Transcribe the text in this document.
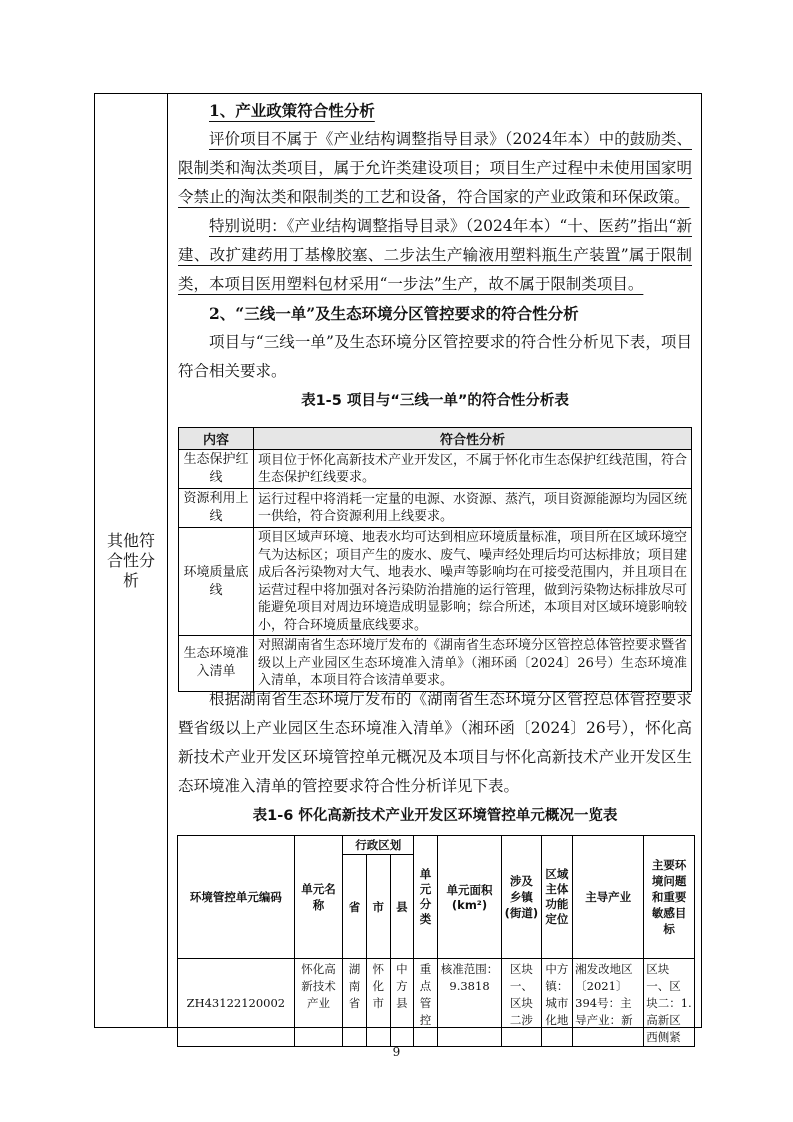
其他符合性分析

1、产业政策符合性分析

评价项目不属于《产业结构调整指导目录》（2024年本）中的鼓励类、限制类和淘汰类项目，属于允许类建设项目；项目生产过程中未使用国家明令禁止的淘汰类和限制类的工艺和设备，符合国家的产业政策和环保政策。

特别说明：《产业结构调整指导目录》（2024年本）“十、医药”指出“新建、改扩建药用丁基橡胶塞、二步法生产输液用塑料瓶生产装置”属于限制类，本项目医用塑料包材采用“一步法”生产，故不属于限制类项目。

2、“三线一单”及生态环境分区管控要求的符合性分析

项目与“三线一单”及生态环境分区管控要求的符合性分析见下表，项目符合相关要求。

表1-5 项目与“三线一单”的符合性分析表

内容	符合性分析
生态保护红线	项目位于怀化高新技术产业开发区，不属于怀化市生态保护红线范围，符合生态保护红线要求。
资源利用上线	运行过程中将消耗一定量的电源、水资源、蒸汽，项目资源能源均为园区统一供给，符合资源利用上线要求。
环境质量底线	项目区域声环境、地表水均可达到相应环境质量标准，项目所在区域环境空气为达标区；项目产生的废水、废气、噪声经处理后均可达标排放；项目建成后各污染物对大气、地表水、噪声等影响均在可接受范围内，并且项目在运营过程中将加强对各污染防治措施的运行管理，做到污染物达标排放尽可能避免项目对周边环境造成明显影响；综合所述，本项目对区域环境影响较小，符合环境质量底线要求。
生态环境准入清单	对照湖南省生态环境厅发布的《湖南省生态环境分区管控总体管控要求暨省级以上产业园区生态环境准入清单》（湘环函〔2024〕26号）生态环境准入清单，本项目符合该清单要求。

根据湖南省生态环境厅发布的《湖南省生态环境分区管控总体管控要求暨省级以上产业园区生态环境准入清单》（湘环函〔2024〕26号），怀化高新技术产业开发区环境管控单元概况及本项目与怀化高新技术产业开发区生态环境准入清单的管控要求符合性分析详见下表。

表1-6 怀化高新技术产业开发区环境管控单元概况一览表

环境管控单元编码	单元名称	行政区划			单元分类	单元面积(km²)	涉及乡镇(街道)	区域主体功能定位	主导产业	主要环境问题和重要敏感目标
		省	市	县						
ZH43122120002	怀化高新技术产业	湖南省	怀化市	中方县	重点管控	核准范围：9.3818	区块一、区块二涉	中方镇：城市化地	湘发改地区〔2021〕394号：主导产业：新	区块一、区块二：1.高新区西侧紧
9
